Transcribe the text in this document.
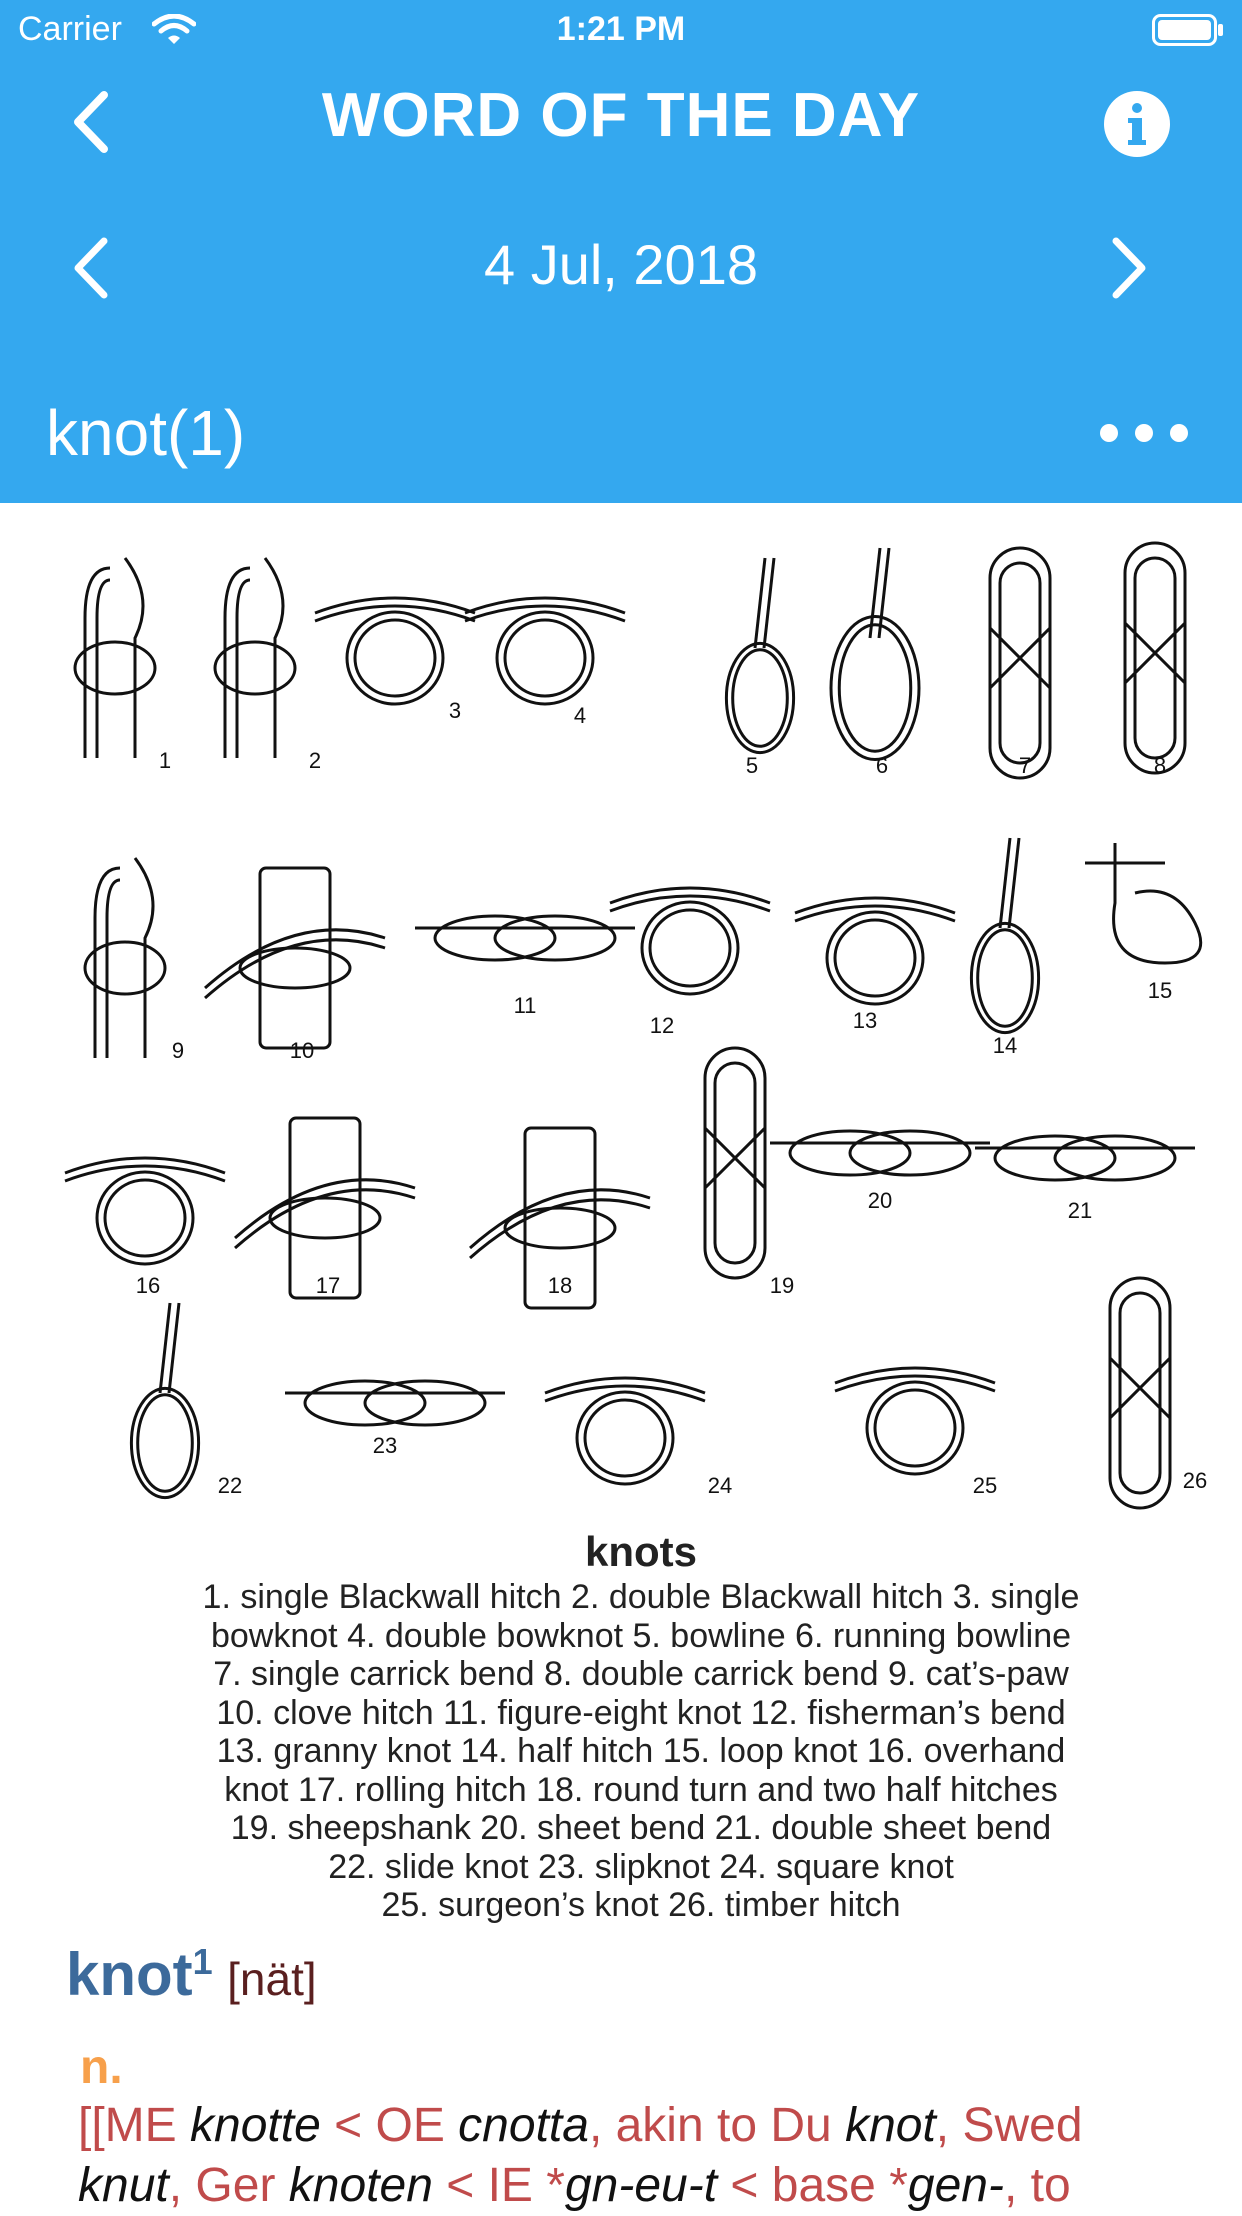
Carrier	1:21 PM
WORD OF THE DAY
4 Jul, 2018
knot(1)
1	2
3	4
5	6	7	8
9	10
11
12	13
14
15
16	17	18	19
20	21
22
23
24	25	26
knots
1. single Blackwall hitch 2. double Blackwall hitch 3. single
bowknot 4. double bowknot 5. bowline 6. running bowline
7. single carrick bend 8. double carrick bend 9. cat’s-paw
10. clove hitch 11. figure-eight knot 12. fisherman’s bend
13. granny knot 14. half hitch 15. loop knot 16. overhand
knot 17. rolling hitch 18. round turn and two half hitches
19. sheepshank 20. sheet bend 21. double sheet bend
22. slide knot 23. slipknot 24. square knot
25. surgeon’s knot 26. timber hitch
knot$^1$ [nät]
n.
[[ME knotte < OE cnotta, akin to Du knot, Swed
knut, Ger knoten < IE *gn-eu-t < base *gen-, to
